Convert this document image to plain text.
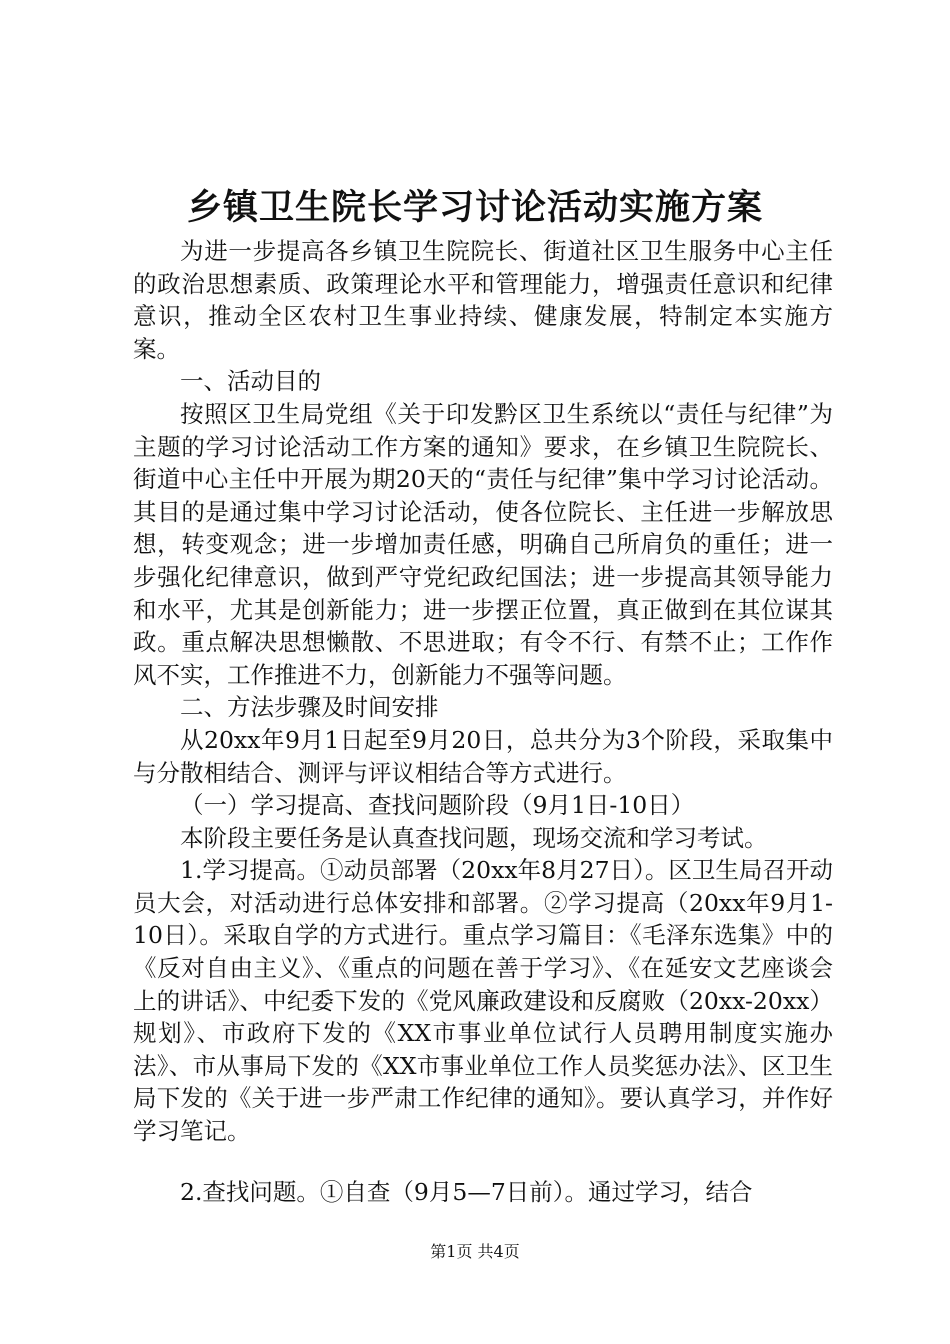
乡镇卫生院长学习讨论活动实施方案

为进一步提高各乡镇卫生院院长、街道社区卫生服务中心主任的政治思想素质、政策理论水平和管理能力，增强责任意识和纪律意识，推动全区农村卫生事业持续、健康发展，特制定本实施方案。

一、活动目的

按照区卫生局党组《关于印发黔区卫生系统以“责任与纪律”为主题的学习讨论活动工作方案的通知》要求，在乡镇卫生院院长、街道中心主任中开展为期20天的“责任与纪律”集中学习讨论活动。其目的是通过集中学习讨论活动，使各位院长、主任进一步解放思想，转变观念；进一步增加责任感，明确自己所肩负的重任；进一步强化纪律意识，做到严守党纪政纪国法；进一步提高其领导能力和水平，尤其是创新能力；进一步摆正位置，真正做到在其位谋其政。重点解决思想懒散、不思进取；有令不行、有禁不止；工作作风不实，工作推进不力，创新能力不强等问题。

二、方法步骤及时间安排

从20xx年9月1日起至9月20日，总共分为3个阶段，采取集中与分散相结合、测评与评议相结合等方式进行。

（一）学习提高、查找问题阶段（9月1日-10日）

本阶段主要任务是认真查找问题，现场交流和学习考试。

1.学习提高。①动员部署（20xx年8月27日）。区卫生局召开动员大会，对活动进行总体安排和部署。②学习提高（20xx年9月1-10日）。采取自学的方式进行。重点学习篇目：《毛泽东选集》中的《反对自由主义》、《重点的问题在善于学习》、《在延安文艺座谈会上的讲话》、中纪委下发的《党风廉政建设和反腐败（20xx-20xx）规划》、市政府下发的《XX市事业单位试行人员聘用制度实施办法》、市从事局下发的《XX市事业单位工作人员奖惩办法》、区卫生局下发的《关于进一步严肃工作纪律的通知》。要认真学习，并作好学习笔记。

2.查找问题。①自查（9月5—7日前）。通过学习，结合

第1页 共4页
